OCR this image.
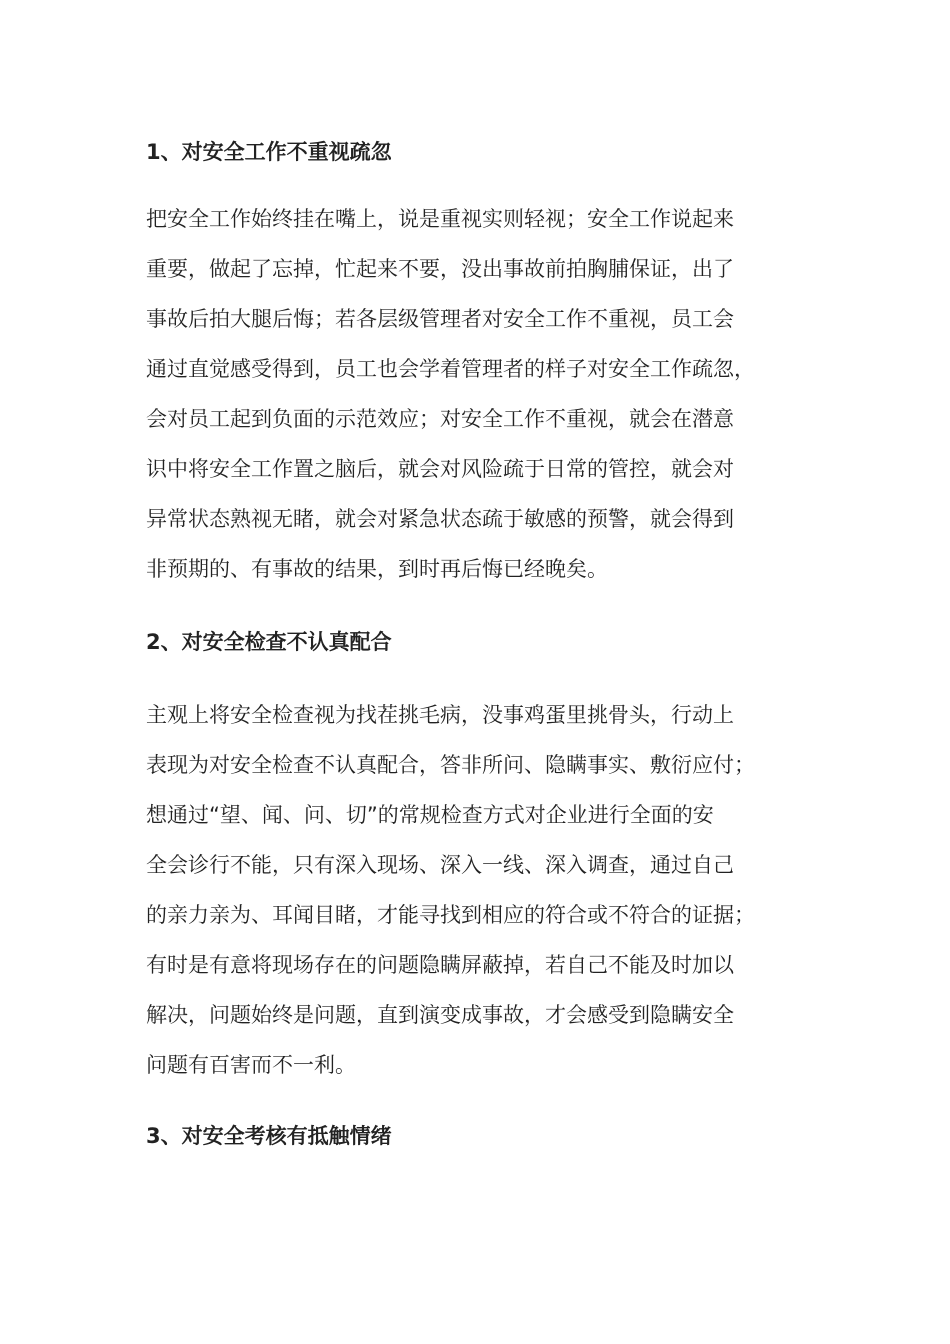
1、对安全工作不重视疏忽
把安全工作始终挂在嘴上，说是重视实则轻视；安全工作说起来
重要，做起了忘掉，忙起来不要，没出事故前拍胸脯保证，出了
事故后拍大腿后悔；若各层级管理者对安全工作不重视，员工会
通过直觉感受得到，员工也会学着管理者的样子对安全工作疏忽，
会对员工起到负面的示范效应；对安全工作不重视，就会在潜意
识中将安全工作置之脑后，就会对风险疏于日常的管控，就会对
异常状态熟视无睹，就会对紧急状态疏于敏感的预警，就会得到
非预期的、有事故的结果，到时再后悔已经晚矣。
2、对安全检查不认真配合
主观上将安全检查视为找茬挑毛病，没事鸡蛋里挑骨头，行动上
表现为对安全检查不认真配合，答非所问、隐瞒事实、敷衍应付；
想通过“望、闻、问、切”的常规检查方式对企业进行全面的安
全会诊行不能，只有深入现场、深入一线、深入调查，通过自己
的亲力亲为、耳闻目睹，才能寻找到相应的符合或不符合的证据；
有时是有意将现场存在的问题隐瞒屏蔽掉，若自己不能及时加以
解决，问题始终是问题，直到演变成事故，才会感受到隐瞒安全
问题有百害而不一利。
3、对安全考核有抵触情绪
